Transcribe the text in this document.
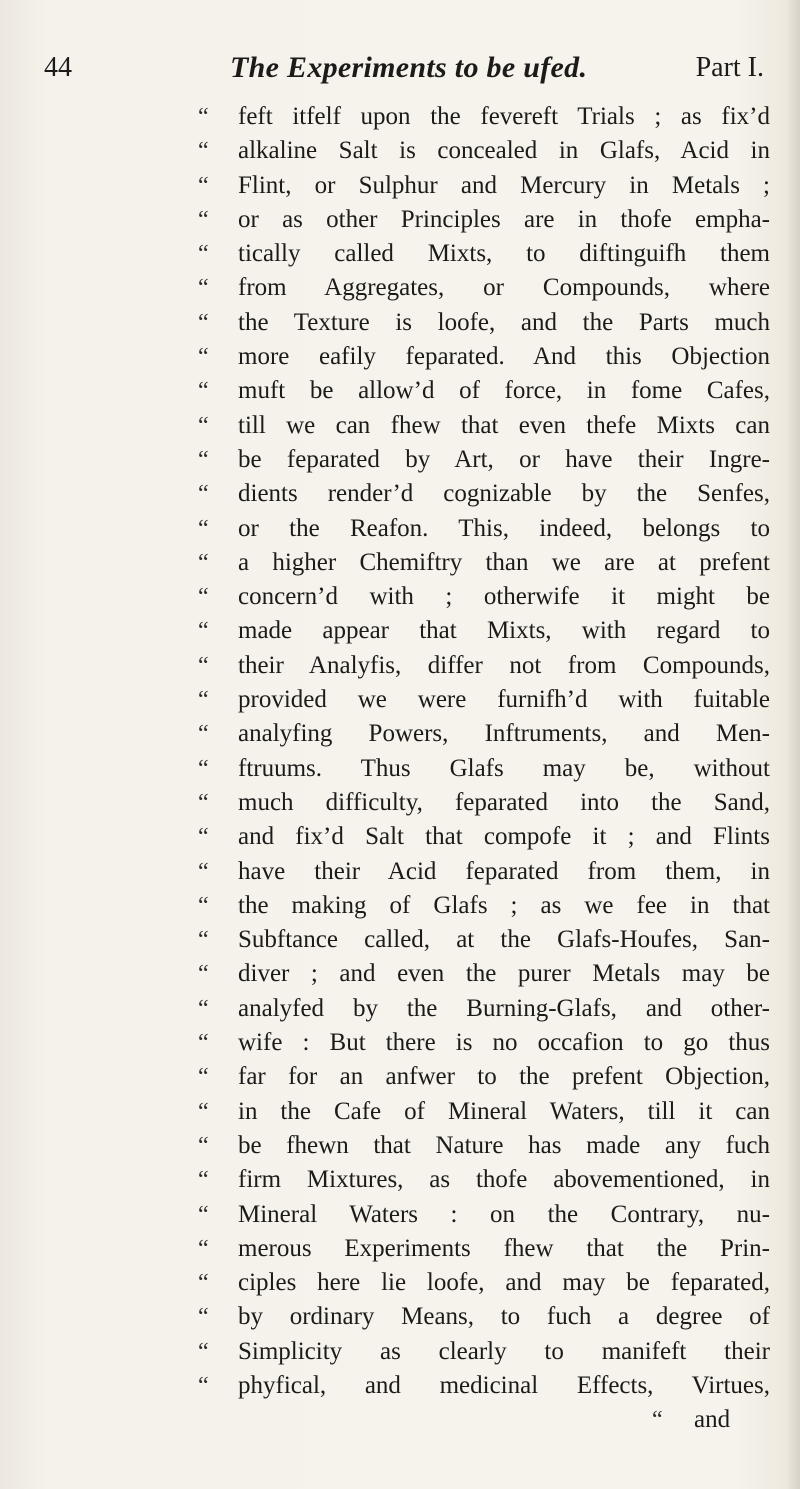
44	The Experiments to be ufed.	Part I.
“	feft itfelf upon the fevereft Trials ; as fix’d
“	alkaline Salt is concealed in Glafs, Acid in
“	Flint, or Sulphur and Mercury in Metals ;
“	or as other Principles are in thofe empha-
“	tically called Mixts, to diftinguifh them
“	from Aggregates, or Compounds, where
“	the Texture is loofe, and the Parts much
“	more eafily feparated. And this Objection
“	muft be allow’d of force, in fome Cafes,
“	till we can fhew that even thefe Mixts can
“	be feparated by Art, or have their Ingre-
“	dients render’d cognizable by the Senfes,
“	or the Reafon. This, indeed, belongs to
“	a higher Chemiftry than we are at prefent
“	concern’d with ; otherwife it might be
“	made appear that Mixts, with regard to
“	their Analyfis, differ not from Compounds,
“	provided we were furnifh’d with fuitable
“	analyfing Powers, Inftruments, and Men-
“	ftruums. Thus Glafs may be, without
“	much difficulty, feparated into the Sand,
“	and fix’d Salt that compofe it ; and Flints
“	have their Acid feparated from them, in
“	the making of Glafs ; as we fee in that
“	Subftance called, at the Glafs-Houfes, San-
“	diver ; and even the purer Metals may be
“	analyfed by the Burning-Glafs, and other-
“	wife : But there is no occafion to go thus
“	far for an anfwer to the prefent Objection,
“	in the Cafe of Mineral Waters, till it can
“	be fhewn that Nature has made any fuch
“	firm Mixtures, as thofe abovementioned, in
“	Mineral Waters : on the Contrary, nu-
“	merous Experiments fhew that the Prin-
“	ciples here lie loofe, and may be feparated,
“	by ordinary Means, to fuch a degree of
“	Simplicity as clearly to manifeft their
“	phyfical, and medicinal Effects, Virtues,
“	and
